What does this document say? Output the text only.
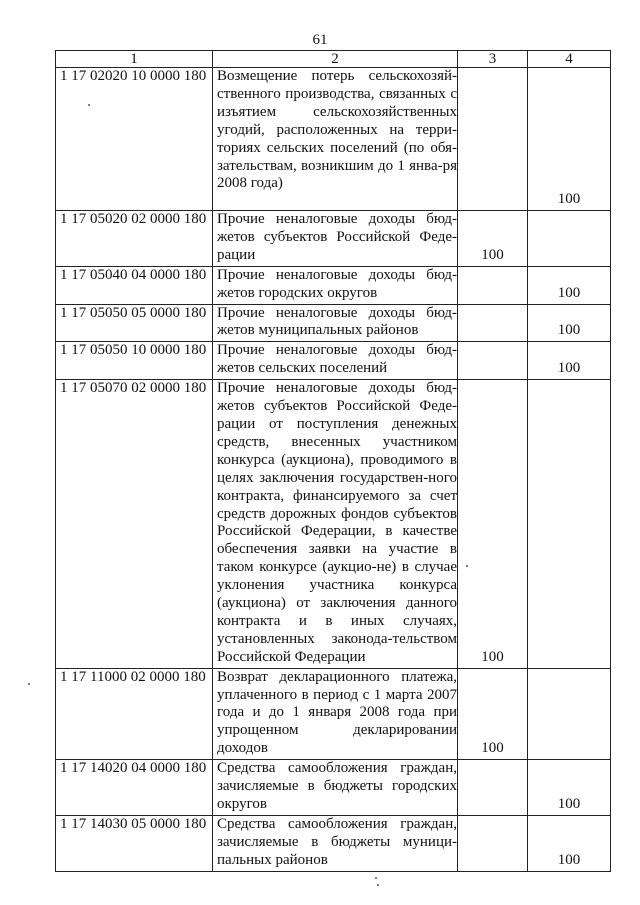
61
1	2	3	4
1 17 02020 10 0000 180	Возмещение потерь сельскохозяй-ственного производства, связанных с изъятием сельскохозяйственных угодий, расположенных на терри-ториях сельских поселений (по обя-зательствам, возникшим до 1 янва-ря 2008 года)		100
1 17 05020 02 0000 180	Прочие неналоговые доходы бюд-жетов субъектов Российской Феде-рации	100	
1 17 05040 04 0000 180	Прочие неналоговые доходы бюд-жетов городских округов		100
1 17 05050 05 0000 180	Прочие неналоговые доходы бюд-жетов муниципальных районов		100
1 17 05050 10 0000 180	Прочие неналоговые доходы бюд-жетов сельских поселений		100
1 17 05070 02 0000 180	Прочие неналоговые доходы бюд-жетов субъектов Российской Феде-рации от поступления денежных средств, внесенных участником конкурса (аукциона), проводимого в целях заключения государствен-ного контракта, финансируемого за счет средств дорожных фондов субъектов Российской Федерации, в качестве обеспечения заявки на участие в таком конкурсе (аукцио-не) в случае уклонения участника конкурса (аукциона) от заключения данного контракта и в иных случаях, установленных законода-тельством Российской Федерации	100	
1 17 11000 02 0000 180	Возврат декларационного платежа, уплаченного в период с 1 марта 2007 года и до 1 января 2008 года при упрощенном декларировании доходов	100	
1 17 14020 04 0000 180	Средства самообложения граждан, зачисляемые в бюджеты городских округов		100
1 17 14030 05 0000 180	Средства самообложения граждан, зачисляемые в бюджеты муници-пальных районов		100
